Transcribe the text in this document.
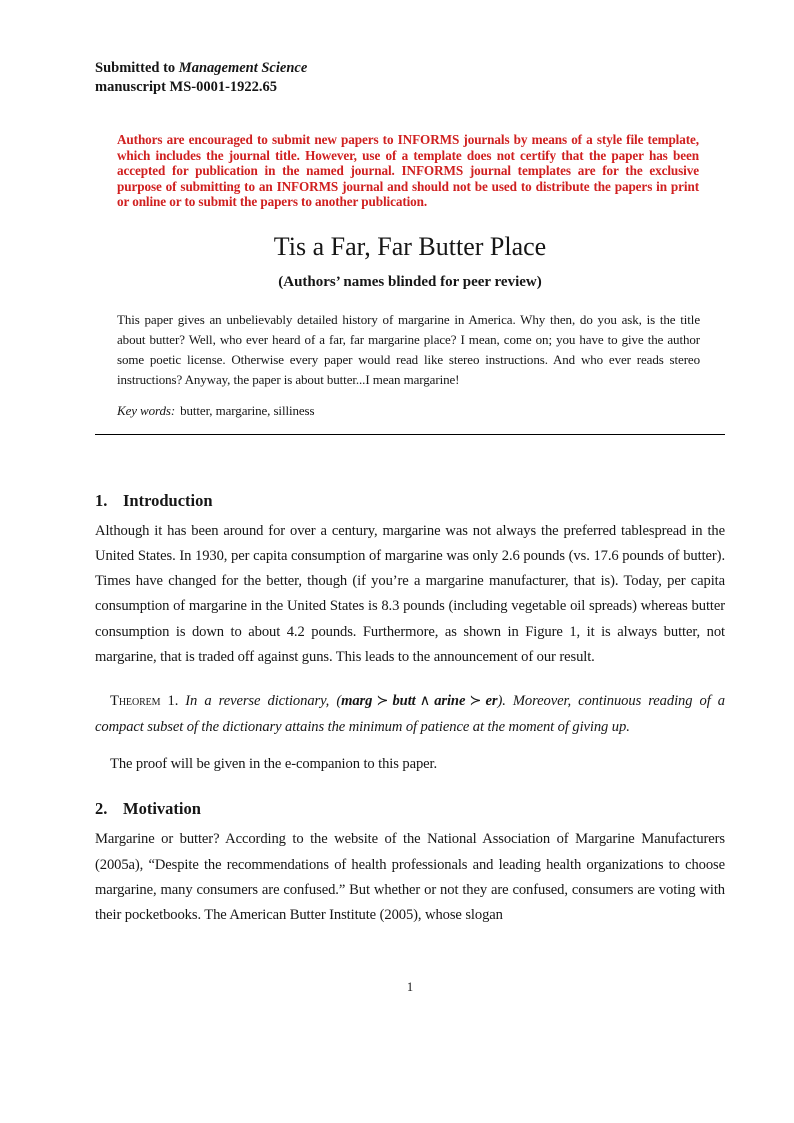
Submitted to Management Science
manuscript MS-0001-1922.65
Authors are encouraged to submit new papers to INFORMS journals by means of a style file template, which includes the journal title. However, use of a template does not certify that the paper has been accepted for publication in the named journal. INFORMS journal templates are for the exclusive purpose of submitting to an INFORMS journal and should not be used to distribute the papers in print or online or to submit the papers to another publication.
Tis a Far, Far Butter Place
(Authors’ names blinded for peer review)
This paper gives an unbelievably detailed history of margarine in America. Why then, do you ask, is the title about butter? Well, who ever heard of a far, far margarine place? I mean, come on; you have to give the author some poetic license. Otherwise every paper would read like stereo instructions. And who ever reads stereo instructions? Anyway, the paper is about butter...I mean margarine!
Key words: butter, margarine, silliness
1. Introduction
Although it has been around for over a century, margarine was not always the preferred tablespread in the United States. In 1930, per capita consumption of margarine was only 2.6 pounds (vs. 17.6 pounds of butter). Times have changed for the better, though (if you’re a margarine manufacturer, that is). Today, per capita consumption of margarine in the United States is 8.3 pounds (including vegetable oil spreads) whereas butter consumption is down to about 4.2 pounds. Furthermore, as shown in Figure 1, it is always butter, not margarine, that is traded off against guns. This leads to the announcement of our result.
Theorem 1. In a reverse dictionary, (marg ≻ butt ∧ arine ≻ er). Moreover, continuous reading of a compact subset of the dictionary attains the minimum of patience at the moment of giving up.
The proof will be given in the e-companion to this paper.
2. Motivation
Margarine or butter? According to the website of the National Association of Margarine Manufacturers (2005a), “Despite the recommendations of health professionals and leading health organizations to choose margarine, many consumers are confused.” But whether or not they are confused, consumers are voting with their pocketbooks. The American Butter Institute (2005), whose slogan
1
